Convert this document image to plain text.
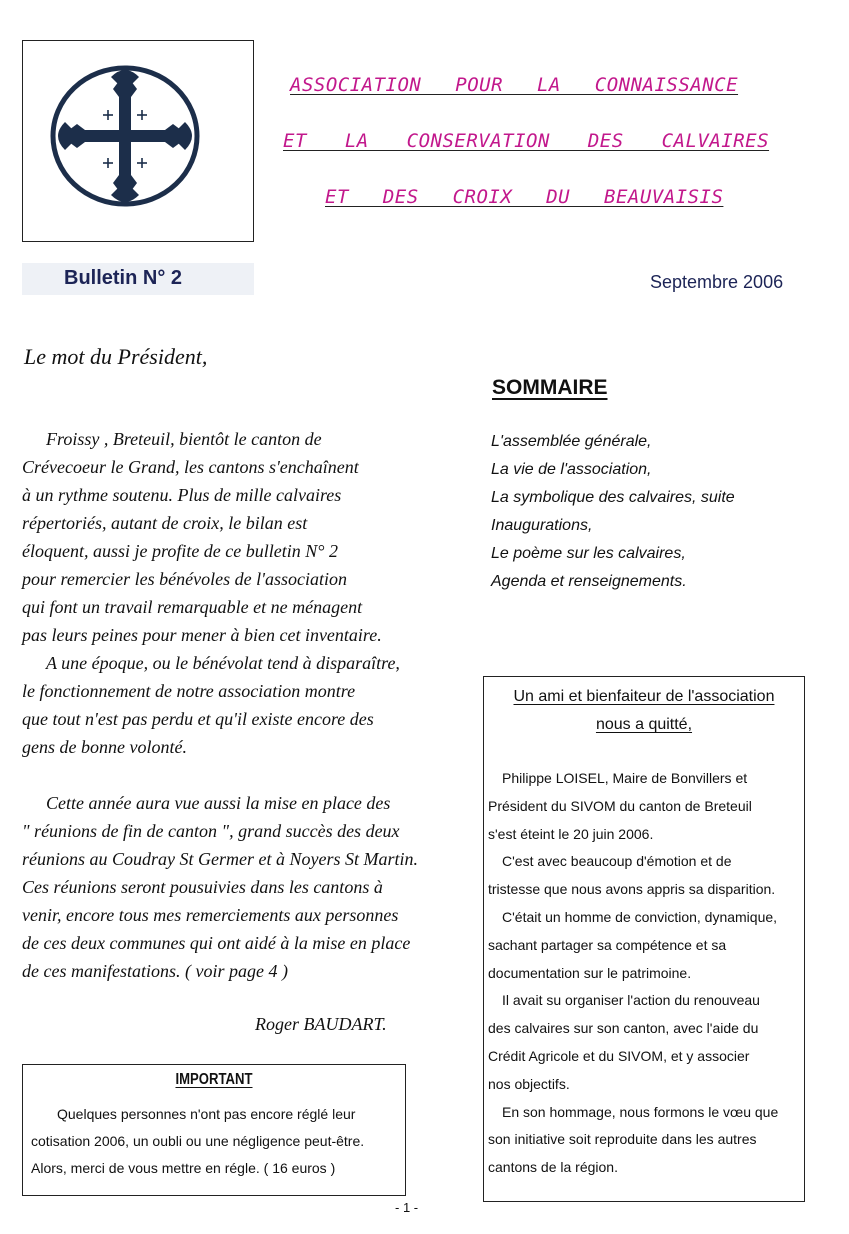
ASSOCIATION POUR LA CONNAISSANCE
ET LA CONSERVATION DES CALVAIRES
ET DES CROIX DU BEAUVAISIS
Bulletin N° 2	Septembre 2006
Le mot du Président,
Froissy , Breteuil, bientôt le canton de
Crévecoeur le Grand, les cantons s'enchaînent
à un rythme soutenu. Plus de mille calvaires
répertoriés, autant de croix, le bilan est
éloquent, aussi je profite de ce bulletin N° 2
pour remercier les bénévoles de l'association
qui font un travail remarquable et ne ménagent
pas leurs peines pour mener à bien cet inventaire.
A une époque, ou le bénévolat tend à disparaître,
le fonctionnement de notre association montre
que tout n'est pas perdu et qu'il existe encore des
gens de bonne volonté.
Cette année aura vue aussi la mise en place des
" réunions de fin de canton ", grand succès des deux
réunions au Coudray St Germer et à Noyers St Martin.
Ces réunions seront pousuivies dans les cantons à
venir, encore tous mes remerciements aux personnes
de ces deux communes qui ont aidé à la mise en place
de ces manifestations. ( voir page 4 )
Roger BAUDART.
SOMMAIRE
L'assemblée générale,
La vie de l'association,
La symbolique des calvaires, suite
Inaugurations,
Le poème sur les calvaires,
Agenda et renseignements.
Un ami et bienfaiteur de l'association
nous a quitté,
Philippe LOISEL, Maire de Bonvillers et
Président du SIVOM du canton de Breteuil
s'est éteint le 20 juin 2006.
C'est avec beaucoup d'émotion et de
tristesse que nous avons appris sa disparition.
C'était un homme de conviction, dynamique,
sachant partager sa compétence et sa
documentation sur le patrimoine.
Il avait su organiser l'action du renouveau
des calvaires sur son canton, avec l'aide du
Crédit Agricole et du SIVOM, et y associer
nos objectifs.
En son hommage, nous formons le vœu que
son initiative soit reproduite dans les autres
cantons de la région.
IMPORTANT
Quelques personnes n'ont pas encore réglé leur
cotisation 2006, un oubli ou une négligence peut-être.
Alors, merci de vous mettre en régle. ( 16 euros )
- 1 -
